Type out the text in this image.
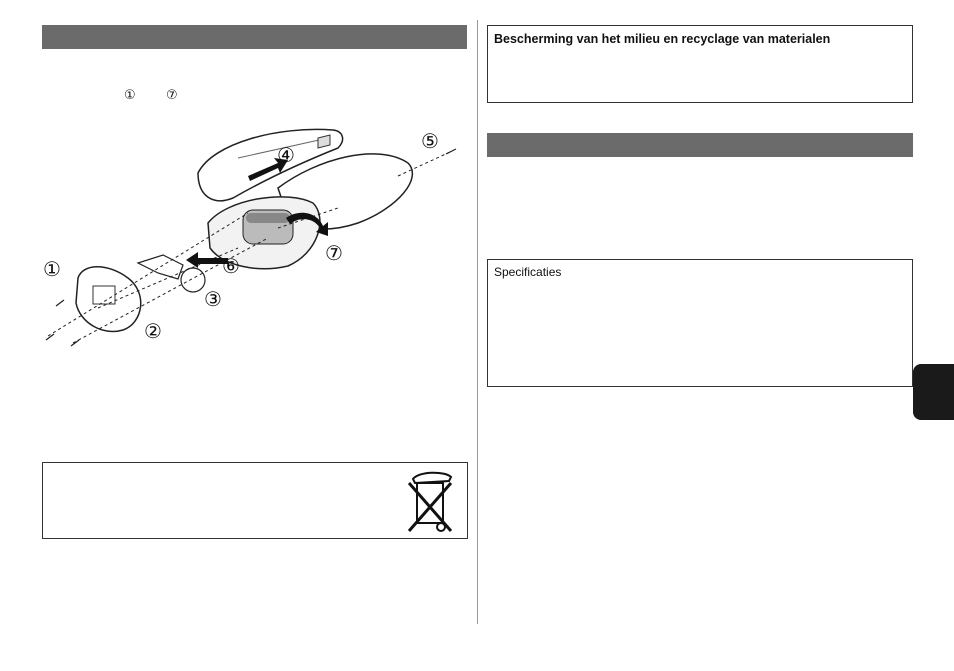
① ⑦
①
②
③
④
⑤
⑥
⑦
Bescherming van het milieu en recyclage van materialen
Specificaties
